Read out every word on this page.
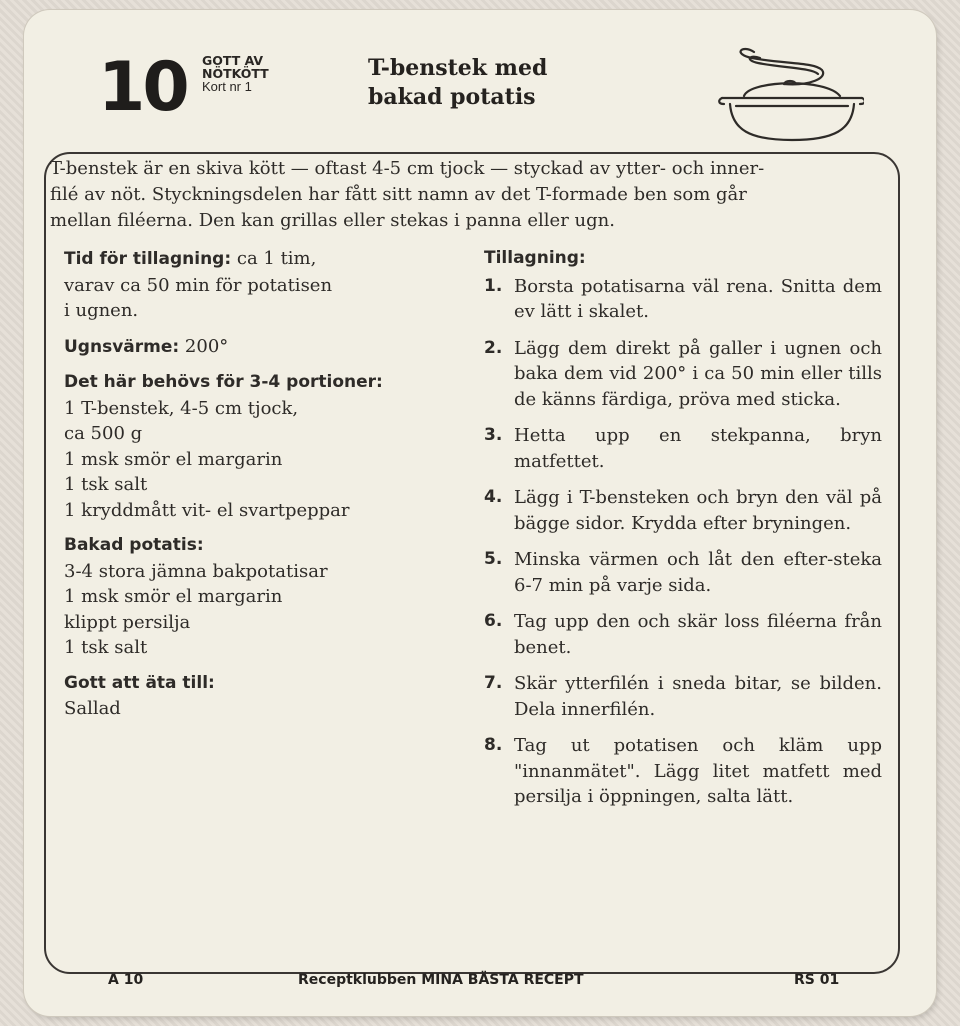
10 GOTT AV
NÖTKÖTT
Kort nr 1
T-benstek med
bakad potatis
T-benstek är en skiva kött — oftast 4-5 cm tjock — styckad av ytter- och inner-
filé av nöt. Styckningsdelen har fått sitt namn av det T-formade ben som går
mellan filéerna. Den kan grillas eller stekas i panna eller ugn.
Tid för tillagning: ca 1 tim,
varav ca 50 min för potatisen
i ugnen.
Ugnsvärme: 200°
Det här behövs för 3-4 portioner:
1 T-benstek, 4-5 cm tjock,
ca 500 g
1 msk smör el margarin
1 tsk salt
1 kryddmått vit- el svartpeppar
Bakad potatis:
3-4 stora jämna bakpotatisar
1 msk smör el margarin
klippt persilja
1 tsk salt
Gott att äta till:
Sallad
Tillagning:
1. Borsta potatisarna väl rena. Snitta dem ev lätt i skalet.
2. Lägg dem direkt på galler i ugnen och baka dem vid 200° i ca 50 min eller tills de känns färdiga, pröva med sticka.
3. Hetta upp en stekpanna, bryn matfettet.
4. Lägg i T-bensteken och bryn den väl på bägge sidor. Krydda efter bryningen.
5. Minska värmen och låt den efter-steka 6-7 min på varje sida.
6. Tag upp den och skär loss filéerna från benet.
7. Skär ytterfilén i sneda bitar, se bilden. Dela innerfilén.
8. Tag ut potatisen och kläm upp "innanmätet". Lägg litet matfett med persilja i öppningen, salta lätt.
A 10	Receptklubben MINA BÄSTA RECEPT	RS 01
